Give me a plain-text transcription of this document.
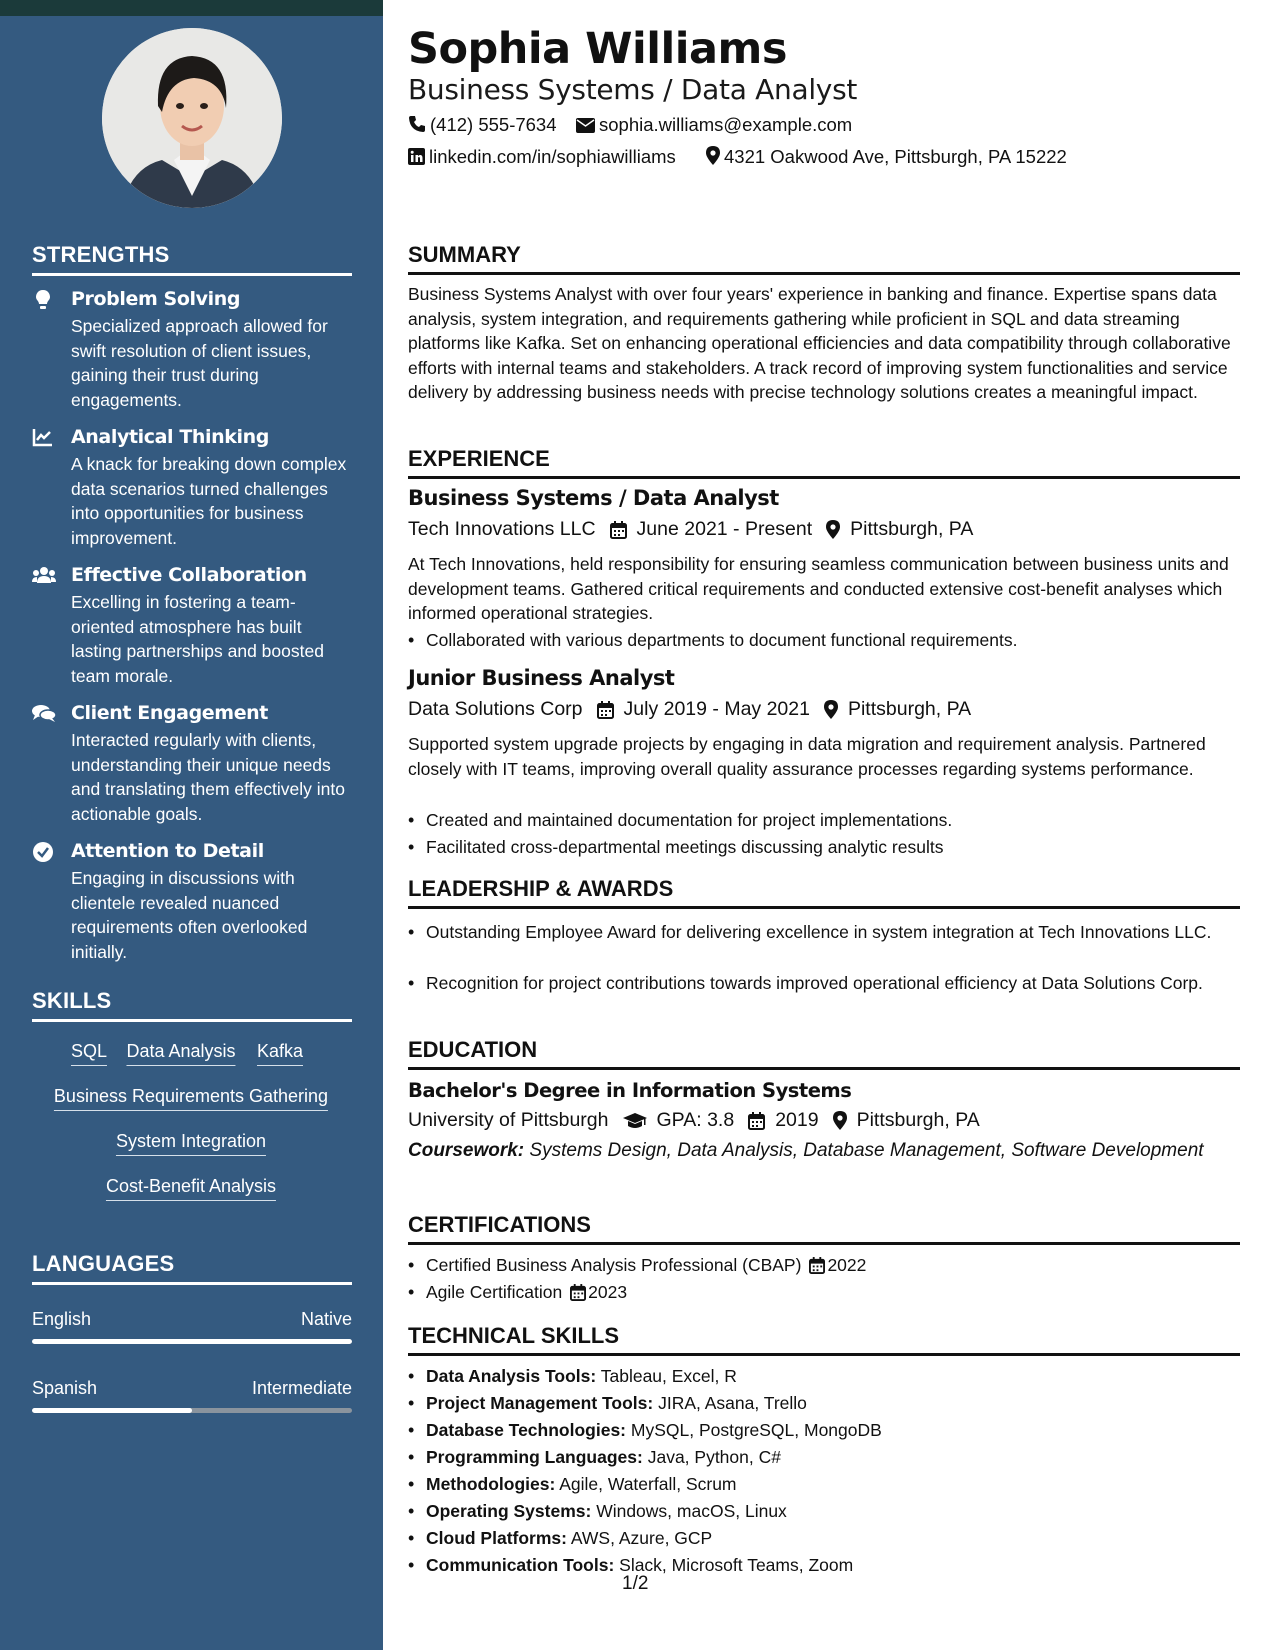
STRENGTHS
Problem Solving
Specialized approach allowed for swift resolution of client issues, gaining their trust during engagements.
Analytical Thinking
A knack for breaking down complex data scenarios turned challenges into opportunities for business improvement.
Effective Collaboration
Excelling in fostering a team-oriented atmosphere has built lasting partnerships and boosted team morale.
Client Engagement
Interacted regularly with clients, understanding their unique needs and translating them effectively into actionable goals.
Attention to Detail
Engaging in discussions with clientele revealed nuanced requirements often overlooked initially.
SKILLS
SQL Data Analysis Kafka
Business Requirements Gathering
System Integration
Cost-Benefit Analysis
LANGUAGES
English	Native
Spanish	Intermediate
Sophia Williams
Business Systems / Data Analyst
(412) 555-7634	sophia.williams@example.com
linkedin.com/in/sophiawilliams	4321 Oakwood Ave, Pittsburgh, PA 15222
SUMMARY
Business Systems Analyst with over four years' experience in banking and finance. Expertise spans data analysis, system integration, and requirements gathering while proficient in SQL and data streaming platforms like Kafka. Set on enhancing operational efficiencies and data compatibility through collaborative efforts with internal teams and stakeholders. A track record of improving system functionalities and service delivery by addressing business needs with precise technology solutions creates a meaningful impact.
EXPERIENCE
Business Systems / Data Analyst
Tech Innovations LLC June 2021 - Present Pittsburgh, PA
At Tech Innovations, held responsibility for ensuring seamless communication between business units and development teams. Gathered critical requirements and conducted extensive cost-benefit analyses which informed operational strategies.
• Collaborated with various departments to document functional requirements.
Junior Business Analyst
Data Solutions Corp July 2019 - May 2021 Pittsburgh, PA
Supported system upgrade projects by engaging in data migration and requirement analysis. Partnered closely with IT teams, improving overall quality assurance processes regarding systems performance.
• Created and maintained documentation for project implementations.
• Facilitated cross-departmental meetings discussing analytic results
LEADERSHIP & AWARDS
• Outstanding Employee Award for delivering excellence in system integration at Tech Innovations LLC.
• Recognition for project contributions towards improved operational efficiency at Data Solutions Corp.
EDUCATION
Bachelor's Degree in Information Systems
University of Pittsburgh GPA: 3.8 2019 Pittsburgh, PA
Coursework: Systems Design, Data Analysis, Database Management, Software Development
CERTIFICATIONS
• Certified Business Analysis Professional (CBAP) 2022
• Agile Certification 2023
TECHNICAL SKILLS
• Data Analysis Tools: Tableau, Excel, R
• Project Management Tools: JIRA, Asana, Trello
• Database Technologies: MySQL, PostgreSQL, MongoDB
• Programming Languages: Java, Python, C#
• Methodologies: Agile, Waterfall, Scrum
• Operating Systems: Windows, macOS, Linux
• Cloud Platforms: AWS, Azure, GCP
• Communication Tools: Slack, Microsoft Teams, Zoom
1/2
